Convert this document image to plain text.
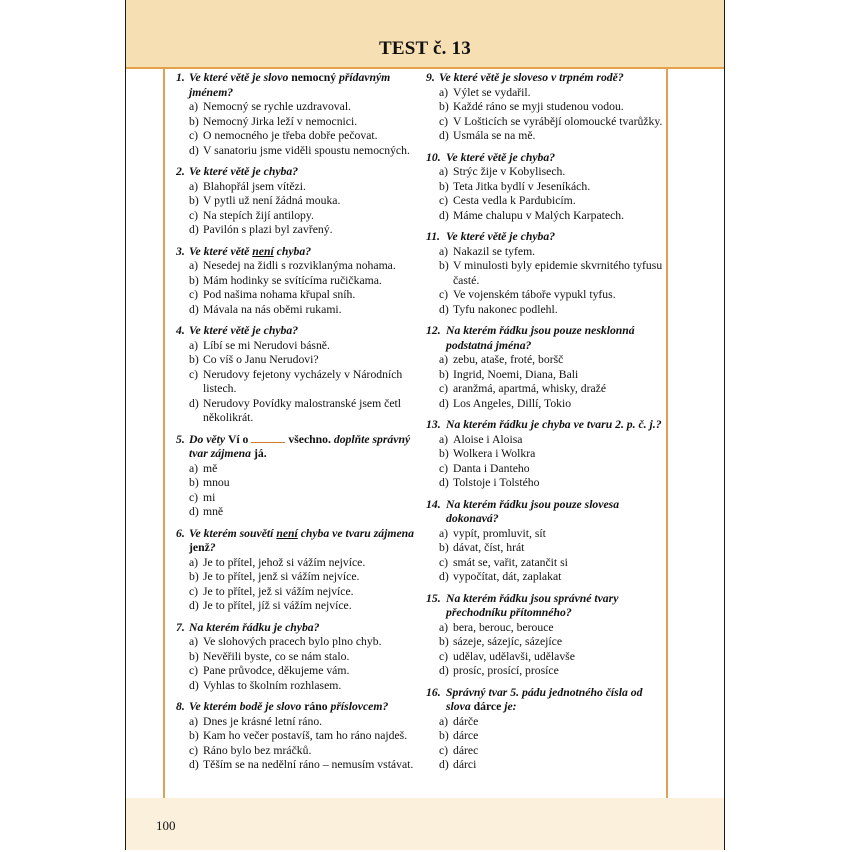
TEST č. 13
1. Ve které větě je slovo nemocný přídavným jménem?
a) Nemocný se rychle uzdravoval.
b) Nemocný Jirka leží v nemocnici.
c) O nemocného je třeba dobře pečovat.
d) V sanatoriu jsme viděli spoustu nemocných.
2. Ve které větě je chyba?
a) Blahopřál jsem vítězi.
b) V pytli už není žádná mouka.
c) Na stepích žijí antilopy.
d) Pavilón s plazi byl zavřený.
3. Ve které větě není chyba?
a) Nesedej na židli s rozviklanýma nohama.
b) Mám hodinky se svítícíma ručičkama.
c) Pod našima nohama křupal sníh.
d) Mávala na nás oběmi rukami.
4. Ve které větě je chyba?
a) Líbí se mi Nerudovi básně.
b) Co víš o Janu Nerudovi?
c) Nerudovy fejetony vycházely v Národních listech.
d) Nerudovy Povídky malostranské jsem četl několikrát.
5. Do věty Ví o	všechno. doplňte správný tvar zájmena já.
a) mě
b) mnou
c) mi
d) mně
6. Ve kterém souvětí není chyba ve tvaru zájmena jenž?
a) Je to přítel, jehož si vážím nejvíce.
b) Je to přítel, jenž si vážím nejvíce.
c) Je to přítel, jež si vážím nejvíce.
d) Je to přítel, jíž si vážím nejvíce.
7. Na kterém řádku je chyba?
a) Ve slohových pracech bylo plno chyb.
b) Nevěřili byste, co se nám stalo.
c) Pane průvodce, děkujeme vám.
d) Vyhlas to školním rozhlasem.
8. Ve kterém bodě je slovo ráno příslovcem?
a) Dnes je krásné letní ráno.
b) Kam ho večer postavíš, tam ho ráno najdeš.
c) Ráno bylo bez mráčků.
d) Těším se na nedělní ráno – nemusím vstávat.
9. Ve které větě je sloveso v trpném rodě?
a) Výlet se vydařil.
b) Každé ráno se myji studenou vodou.
c) V Lošticích se vyrábějí olomoucké tvarůžky.
d) Usmála se na mě.
10. Ve které větě je chyba?
a) Strýc žije v Kobylisech.
b) Teta Jitka bydlí v Jeseníkách.
c) Cesta vedla k Pardubicím.
d) Máme chalupu v Malých Karpatech.
11. Ve které větě je chyba?
a) Nakazil se tyfem.
b) V minulosti byly epidemie skvrnitého tyfusu časté.
c) Ve vojenském táboře vypukl tyfus.
d) Tyfu nakonec podlehl.
12. Na kterém řádku jsou pouze nesklonná podstatná jména?
a) zebu, ataše, froté, boršč
b) Ingrid, Noemi, Diana, Bali
c) aranžmá, apartmá, whisky, dražé
d) Los Angeles, Dillí, Tokio
13. Na kterém řádku je chyba ve tvaru 2. p. č. j.?
a) Aloise i Aloisa
b) Wolkera i Wolkra
c) Danta i Danteho
d) Tolstoje i Tolstého
14. Na kterém řádku jsou pouze slovesa dokonavá?
a) vypít, promluvit, sít
b) dávat, číst, hrát
c) smát se, vařit, zatančit si
d) vypočítat, dát, zaplakat
15. Na kterém řádku jsou správné tvary přechodníku přítomného?
a) bera, berouc, berouce
b) sázeje, sázejíc, sázejíce
c) udělav, udělavši, udělavše
d) prosíc, prosící, prosíce
16. Správný tvar 5. pádu jednotného čísla od slova dárce je:
a) dárče
b) dárce
c) dárec
d) dárci
100
